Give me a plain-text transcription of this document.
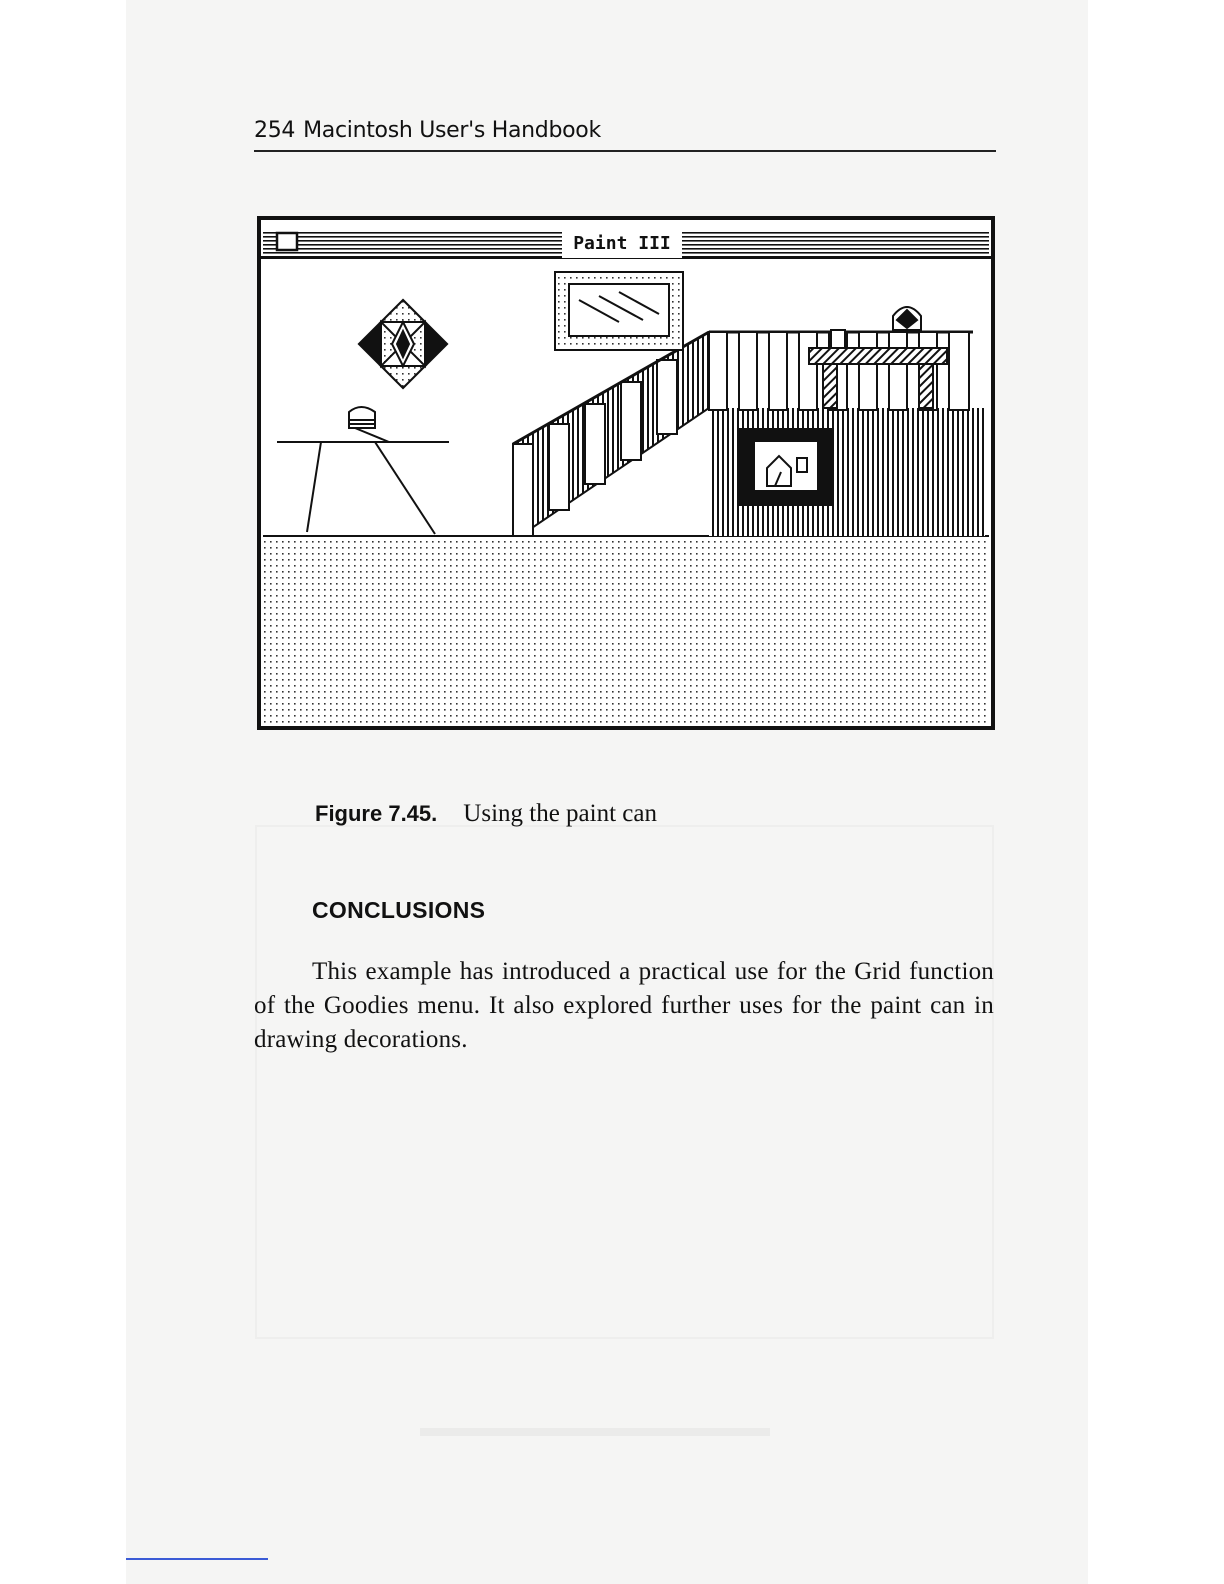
254 Macintosh User's Handbook
Paint III
Figure 7.45. Using the paint can
CONCLUSIONS

This example has introduced a practical use for the Grid function of the Goodies menu. It also explored further uses for the paint can in drawing decorations.
